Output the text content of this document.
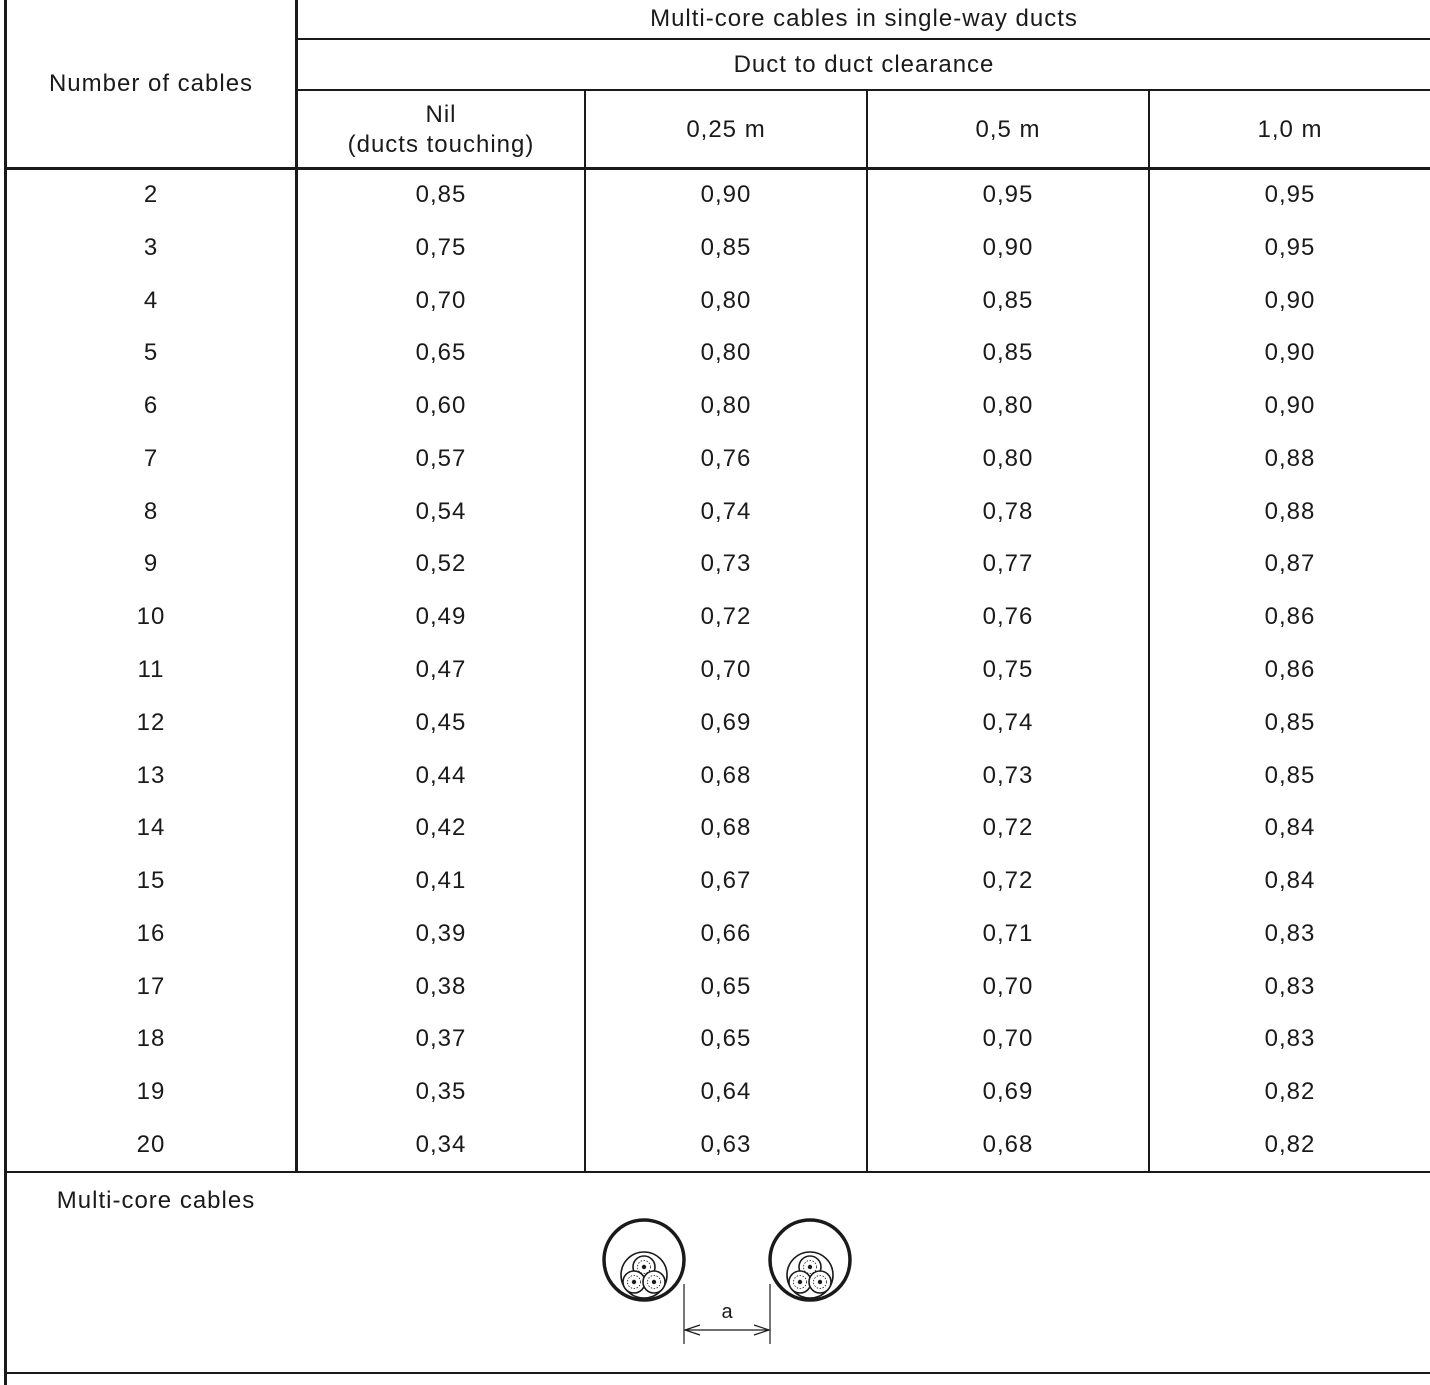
Number of cables
Multi-core cables in single-way ducts
Duct to duct clearance
Nil
(ducts touching)
0,25 m	0,5 m	1,0 m
2	0,85	0,90	0,95	0,95
3	0,75	0,85	0,90	0,95
4	0,70	0,80	0,85	0,90
5	0,65	0,80	0,85	0,90
6	0,60	0,80	0,80	0,90
7	0,57	0,76	0,80	0,88
8	0,54	0,74	0,78	0,88
9	0,52	0,73	0,77	0,87
10	0,49	0,72	0,76	0,86
11	0,47	0,70	0,75	0,86
12	0,45	0,69	0,74	0,85
13	0,44	0,68	0,73	0,85
14	0,42	0,68	0,72	0,84
15	0,41	0,67	0,72	0,84
16	0,39	0,66	0,71	0,83
17	0,38	0,65	0,70	0,83
18	0,37	0,65	0,70	0,83
19	0,35	0,64	0,69	0,82
20	0,34	0,63	0,68	0,82
Multi-core cables
a
